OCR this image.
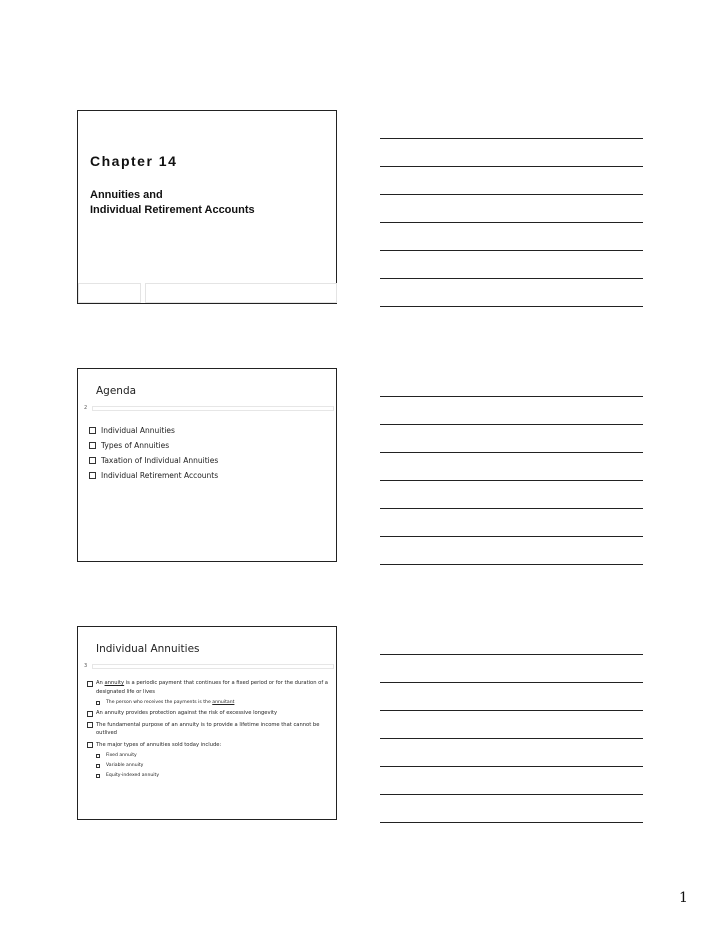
Chapter 14
Annuities and
Individual Retirement Accounts
Agenda
2
Individual Annuities
Types of Annuities
Taxation of Individual Annuities
Individual Retirement Accounts
Individual Annuities
3
An annuity is a periodic payment that continues for a fixed period or for the duration of a designated life or lives
The person who receives the payments is the annuitant
An annuity provides protection against the risk of excessive longevity
The fundamental purpose of an annuity is to provide a lifetime income that cannot be outlived
The major types of annuities sold today include:
Fixed annuity
Variable annuity
Equity-indexed annuity
1
